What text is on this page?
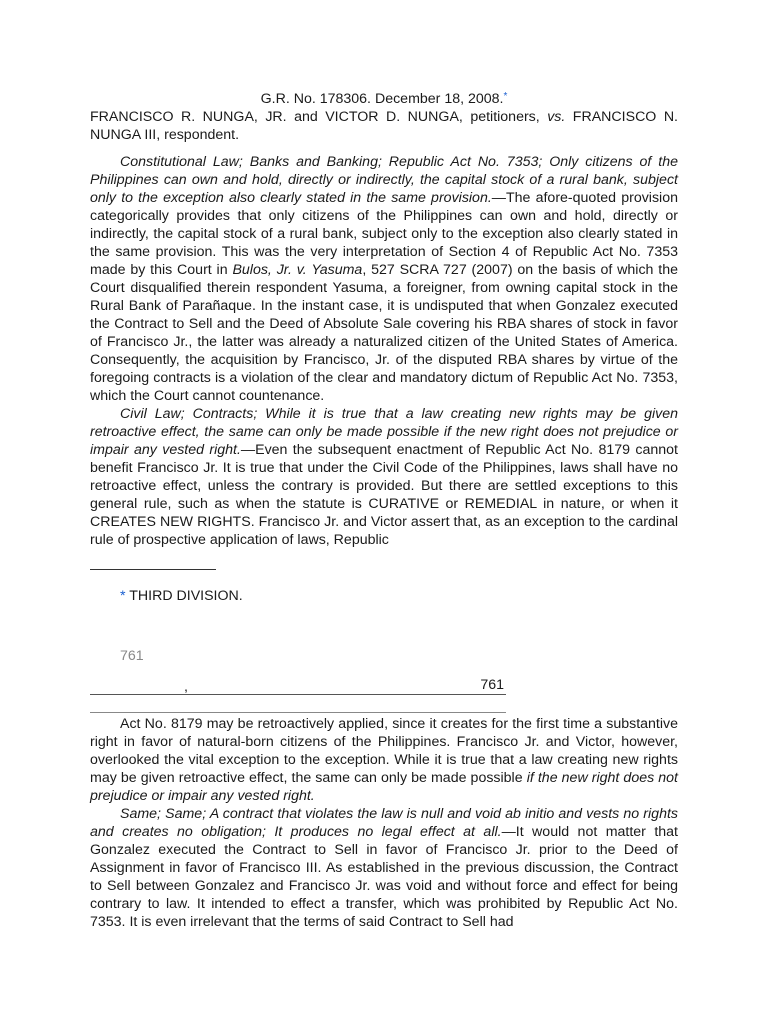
G.R. No. 178306. December 18, 2008.*

FRANCISCO R. NUNGA, JR. and VICTOR D. NUNGA, petitioners, vs. FRANCISCO N. NUNGA III, respondent.

Constitutional Law; Banks and Banking; Republic Act No. 7353; Only citizens of the Philippines can own and hold, directly or indirectly, the capital stock of a rural bank, subject only to the exception also clearly stated in the same provision.—The afore-quoted provision categorically provides that only citizens of the Philippines can own and hold, directly or indirectly, the capital stock of a rural bank, subject only to the exception also clearly stated in the same provision. This was the very interpretation of Section 4 of Republic Act No. 7353 made by this Court in Bulos, Jr. v. Yasuma, 527 SCRA 727 (2007) on the basis of which the Court disqualified therein respondent Yasuma, a foreigner, from owning capital stock in the Rural Bank of Parañaque. In the instant case, it is undisputed that when Gonzalez executed the Contract to Sell and the Deed of Absolute Sale covering his RBA shares of stock in favor of Francisco Jr., the latter was already a naturalized citizen of the United States of America. Consequently, the acquisition by Francisco, Jr. of the disputed RBA shares by virtue of the foregoing contracts is a violation of the clear and mandatory dictum of Republic Act No. 7353, which the Court cannot countenance.

Civil Law; Contracts; While it is true that a law creating new rights may be given retroactive effect, the same can only be made possible if the new right does not prejudice or impair any vested right.—Even the subsequent enactment of Republic Act No. 8179 cannot benefit Francisco Jr. It is true that under the Civil Code of the Philippines, laws shall have no retroactive effect, unless the contrary is provided. But there are settled exceptions to this general rule, such as when the statute is CURATIVE or REMEDIAL in nature, or when it CREATES NEW RIGHTS. Francisco Jr. and Victor assert that, as an exception to the cardinal rule of prospective application of laws, Republic

* THIRD DIVISION.
761
,	761

Act No. 8179 may be retroactively applied, since it creates for the first time a substantive right in favor of natural-born citizens of the Philippines. Francisco Jr. and Victor, however, overlooked the vital exception to the exception. While it is true that a law creating new rights may be given retroactive effect, the same can only be made possible if the new right does not prejudice or impair any vested right.

Same; Same; A contract that violates the law is null and void ab initio and vests no rights and creates no obligation; It produces no legal effect at all.—It would not matter that Gonzalez executed the Contract to Sell in favor of Francisco Jr. prior to the Deed of Assignment in favor of Francisco III. As established in the previous discussion, the Contract to Sell between Gonzalez and Francisco Jr. was void and without force and effect for being contrary to law. It intended to effect a transfer, which was prohibited by Republic Act No. 7353. It is even irrelevant that the terms of said Contract to Sell had
